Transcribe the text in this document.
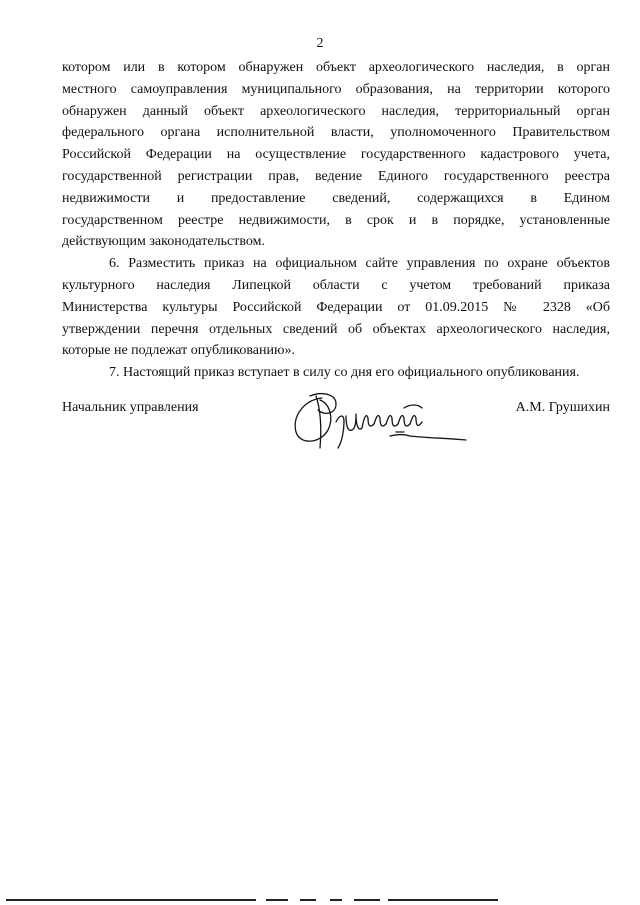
2
котором или в котором обнаружен объект археологического наследия, в орган
местного самоуправления муниципального образования, на территории которого
обнаружен данный объект археологического наследия, территориальный орган
федерального органа исполнительной власти, уполномоченного Правительством
Российской Федерации на осуществление государственного кадастрового учета,
государственной регистрации прав, ведение Единого государственного реестра
недвижимости и предоставление сведений, содержащихся в Едином
государственном реестре недвижимости, в срок и в порядке, установленные
действующим законодательством.
6. Разместить приказ на официальном сайте управления по охране объектов
культурного наследия Липецкой области с учетом требований приказа
Министерства культуры Российской Федерации от 01.09.2015 № 2328 «Об
утверждении перечня отдельных сведений об объектах археологического наследия,
которые не подлежат опубликованию».
7. Настоящий приказ вступает в силу со дня его официального опубликования.
Начальник управления	А.М. Грушихин
